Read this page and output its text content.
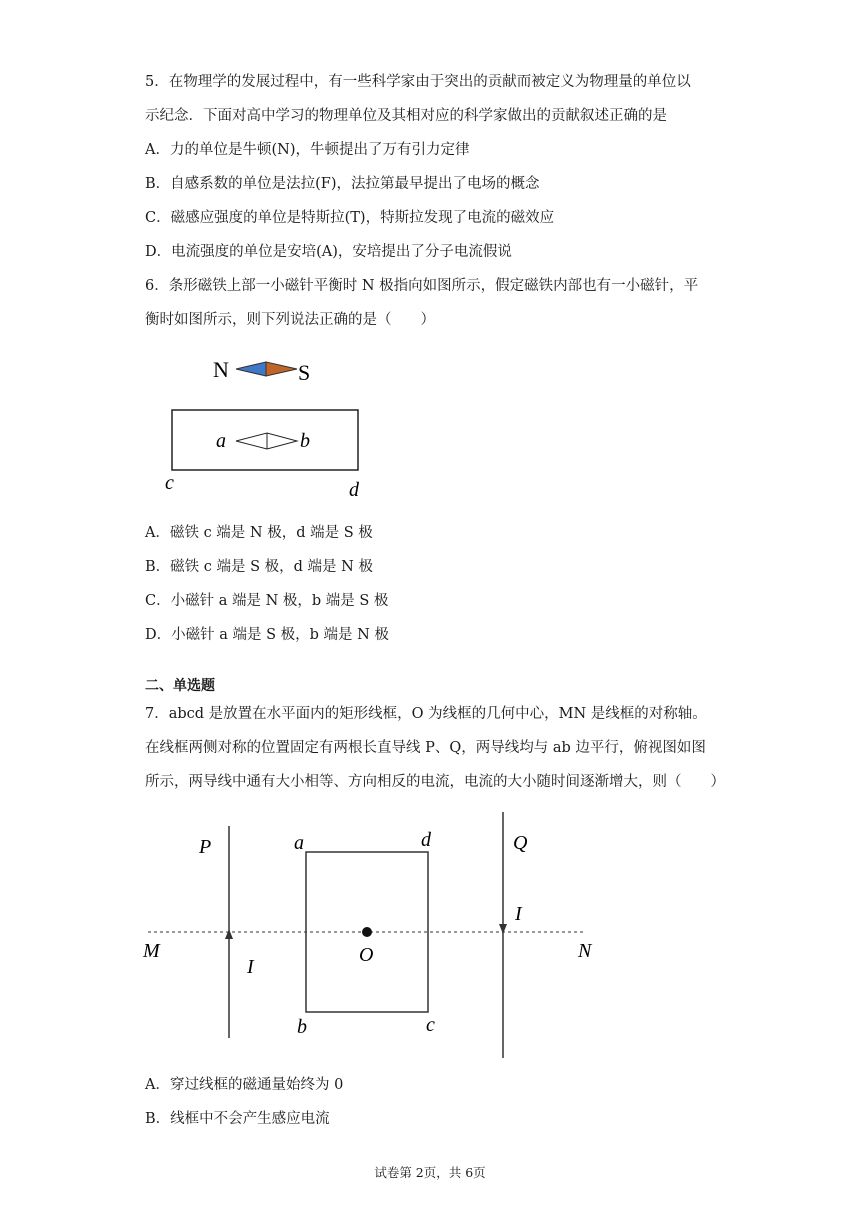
5．在物理学的发展过程中，有一些科学家由于突出的贡献而被定义为物理量的单位以
示纪念．下面对高中学习的物理单位及其相对应的科学家做出的贡献叙述正确的是
A．力的单位是牛顿(N)，牛顿提出了万有引力定律
B．自感系数的单位是法拉(F)，法拉第最早提出了电场的概念
C．磁感应强度的单位是特斯拉(T)，特斯拉发现了电流的磁效应
D．电流强度的单位是安培(A)，安培提出了分子电流假说
6．条形磁铁上部一小磁针平衡时 N 极指向如图所示，假定磁铁内部也有一小磁针，平
衡时如图所示，则下列说法正确的是（　　）
N	S
a	b
c	d
A．磁铁 c 端是 N 极，d 端是 S 极
B．磁铁 c 端是 S 极，d 端是 N 极
C．小磁针 a 端是 N 极，b 端是 S 极
D．小磁针 a 端是 S 极，b 端是 N 极
二、单选题
7．abcd 是放置在水平面内的矩形线框，O 为线框的几何中心，MN 是线框的对称轴。
在线框两侧对称的位置固定有两根长直导线 P、Q，两导线均与 ab 边平行，俯视图如图
所示，两导线中通有大小相等、方向相反的电流，电流的大小随时间逐渐增大，则（　　）
M	N
P
I
Q
I
a	d
b	c
O
A．穿过线框的磁通量始终为 0
B．线框中不会产生感应电流
试卷第 2页，共 6页
